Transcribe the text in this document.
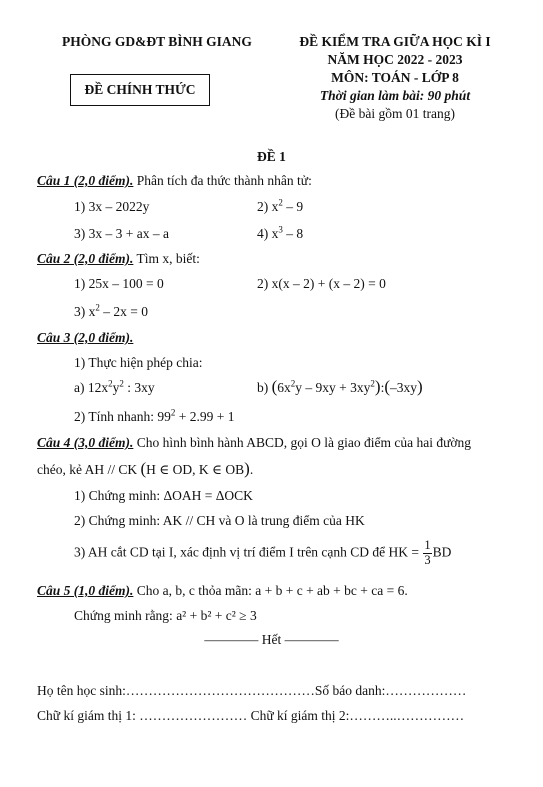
PHÒNG GD&ĐT BÌNH GIANG
ĐỀ CHÍNH THỨC
ĐỀ KIỂM TRA GIỮA HỌC KÌ I
NĂM HỌC 2022 - 2023
MÔN: TOÁN - LỚP 8
Thời gian làm bài: 90 phút
(Đề bài gồm 01 trang)
ĐỀ 1
Câu 1 (2,0 điểm). Phân tích đa thức thành nhân tử:
1) 3x – 2022y	2) $x^2 - 9$
3) 3x – 3 + ax – a	4) $x^3 - 8$
Câu 2 (2,0 điểm). Tìm x, biết:
1) 25x – 100 = 0	2) x(x – 2) + (x – 2) = 0
3) $x^2 - 2x = 0$
Câu 3 (2,0 điểm).
1) Thực hiện phép chia:
a) $12x^2y^2$ : 3xy	b) ($6x^2y - 9xy$ + $3xy^2):(-3xy)$
2) Tính nhanh: $99^2 + 2.99 + 1$
Câu 4 (3,0 điểm). Cho hình bình hành ABCD, gọi O là giao điểm của hai đường
chéo, kẻ AH // CK (H ∈ OD, K ∈ OB).
1) Chứng minh: ΔOAH = ΔOCK
2) Chứng minh: AK // CH và O là trung điểm của HK
3) AH cắt CD tại I, xác định vị trí điểm I trên cạnh CD để HK = $\frac{1}{3}$ BD
Câu 5 (1,0 điểm). Cho a, b, c thỏa mãn: a + b + c + ab + bc + ca = 6.
Chứng minh rằng: a² + b² + c² ≥ 3
———— Hết ————
Họ tên học sinh:……………………………………Số báo danh:………………
Chữ kí giám thị 1: …………………… Chữ kí giám thị 2:………..……………
